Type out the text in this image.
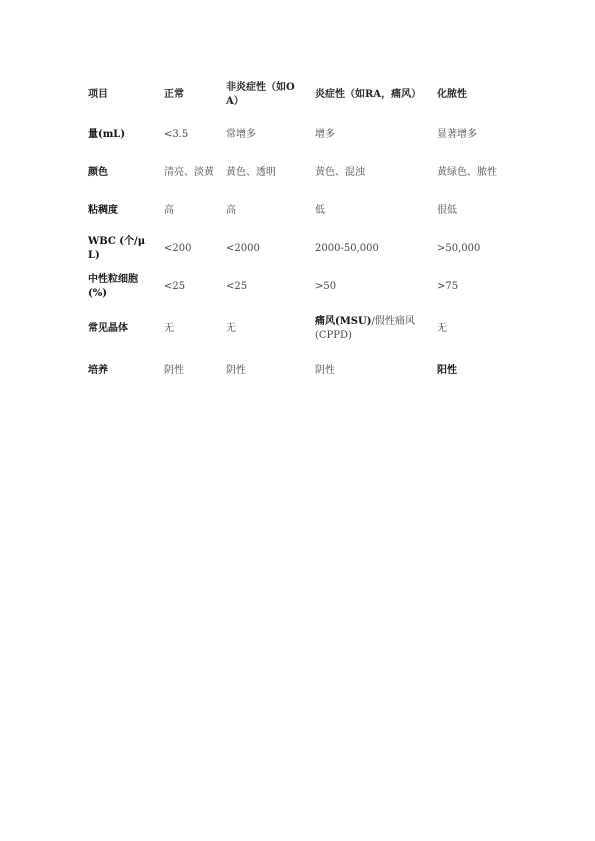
项目	正常	非炎症性（如OA）	炎症性（如RA，痛风）	化脓性
量(mL)	<3.5	常增多	增多	显著增多
颜色	清亮、淡黄	黄色、透明	黄色、混浊	黄绿色、脓性
粘稠度	高	高	低	很低
WBC (个/μL)	<200	<2000	2000-50,000	>50,000
中性粒细胞(%)	<25	<25	>50	>75
常见晶体	无	无	痛风(MSU)/假性痛风(CPPD)	无
培养	阴性	阴性	阴性	阳性
